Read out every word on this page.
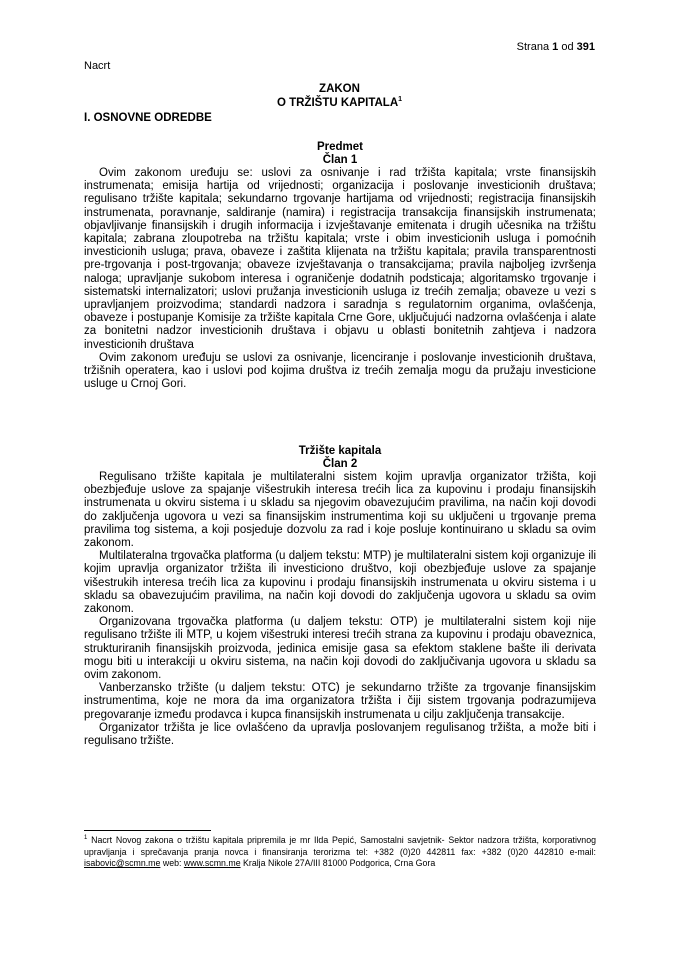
Strana 1 od 391
Nacrt
ZAKON
O TRŽIŠTU KAPITALA$^1$
I. OSNOVNE ODREDBE
Predmet
Član 1

Ovim zakonom uređuju se: uslovi za osnivanje i rad tržišta kapitala; vrste finansijskih instrumenata; emisija hartija od vrijednosti; organizacija i poslovanje investicionih društava; regulisano tržište kapitala; sekundarno trgovanje hartijama od vrijednosti; registracija finansijskih instrumenata, poravnanje, saldiranje (namira) i registracija transakcija finansijskih instrumenata; objavljivanje finansijskih i drugih informacija i izvještavanje emitenata i drugih učesnika na tržištu kapitala; zabrana zloupotreba na tržištu kapitala; vrste i obim investicionih usluga i pomoćnih investicionih usluga; prava, obaveze i zaštita klijenata na tržištu kapitala; pravila transparentnosti pre-trgovanja i post-trgovanja; obaveze izvještavanja o transakcijama; pravila najboljeg izvršenja naloga; upravljanje sukobom interesa i ograničenje dodatnih podsticaja; algoritamsko trgovanje i sistematski internalizatori; uslovi pružanja investicionih usluga iz trećih zemalja; obaveze u vezi s upravljanjem proizvodima; standardi nadzora i saradnja s regulatornim organima, ovlašćenja, obaveze i postupanje Komisije za tržište kapitala Crne Gore, uključujući nadzorna ovlašćenja i alate za bonitetni nadzor investicionih društava i objavu u oblasti bonitetnih zahtjeva i nadzora investicionih društava

Ovim zakonom uređuju se uslovi za osnivanje, licenciranje i poslovanje investicionih društava, tržišnih operatera, kao i uslovi pod kojima društva iz trećih zemalja mogu da pružaju investicione usluge u Crnoj Gori.

Tržište kapitala
Član 2

Regulisano tržište kapitala je multilateralni sistem kojim upravlja organizator tržišta, koji obezbjeđuje uslove za spajanje višestrukih interesa trećih lica za kupovinu i prodaju finansijskih instrumenata u okviru sistema i u skladu sa njegovim obavezujućim pravilima, na način koji dovodi do zaključenja ugovora u vezi sa finansijskim instrumentima koji su uključeni u trgovanje prema pravilima tog sistema, a koji posjeduje dozvolu za rad i koje posluje kontinuirano u skladu sa ovim zakonom.

Multilateralna trgovačka platforma (u daljem tekstu: MTP) je multilateralni sistem koji organizuje ili kojim upravlja organizator tržišta ili investiciono društvo, koji obezbjeđuje uslove za spajanje višestrukih interesa trećih lica za kupovinu i prodaju finansijskih instrumenata u okviru sistema i u skladu sa obavezujućim pravilima, na način koji dovodi do zaključenja ugovora u skladu sa ovim zakonom.

Organizovana trgovačka platforma (u daljem tekstu: OTP) je multilateralni sistem koji nije regulisano tržište ili MTP, u kojem višestruki interesi trećih strana za kupovinu i prodaju obaveznica, strukturiranih finansijskih proizvoda, jedinica emisije gasa sa efektom staklene bašte ili derivata mogu biti u interakciji u okviru sistema, na način koji dovodi do zaključivanja ugovora u skladu sa ovim zakonom.

Vanberzansko tržište (u daljem tekstu: OTC) je sekundarno tržište za trgovanje finansijskim instrumentima, koje ne mora da ima organizatora tržišta i čiji sistem trgovanja podrazumijeva pregovaranje između prodavca i kupca finansijskih instrumenata u cilju zaključenja transakcije.

Organizator tržišta je lice ovlašćeno da upravlja poslovanjem regulisanog tržišta, a može biti i regulisano tržište.

$^1$ Nacrt Novog zakona o tržištu kapitala pripremila je mr Ilda Pepić, Samostalni savjetnik- Sektor nadzora tržišta, korporativnog upravljanja i sprečavanja pranja novca i finansiranja terorizma tel: +382 (0)20 442811 fax: +382 (0)20 442810 e-mail: isabovic@scmn.me web: www.scmn.me Kralja Nikole 27A/III 81000 Podgorica, Crna Gora
